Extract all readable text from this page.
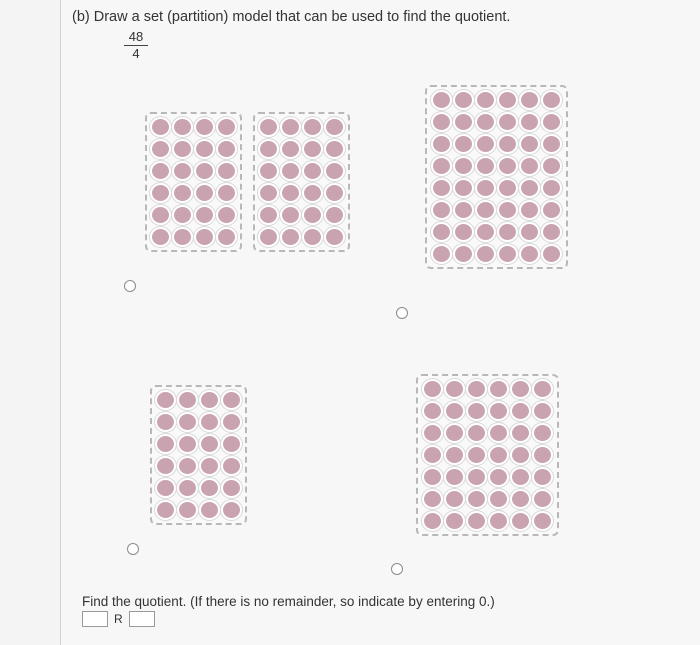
(b) Draw a set (partition) model that can be used to find the quotient.
$\frac{48}{4}$
Find the quotient. (If there is no remainder, so indicate by entering 0.)
R
